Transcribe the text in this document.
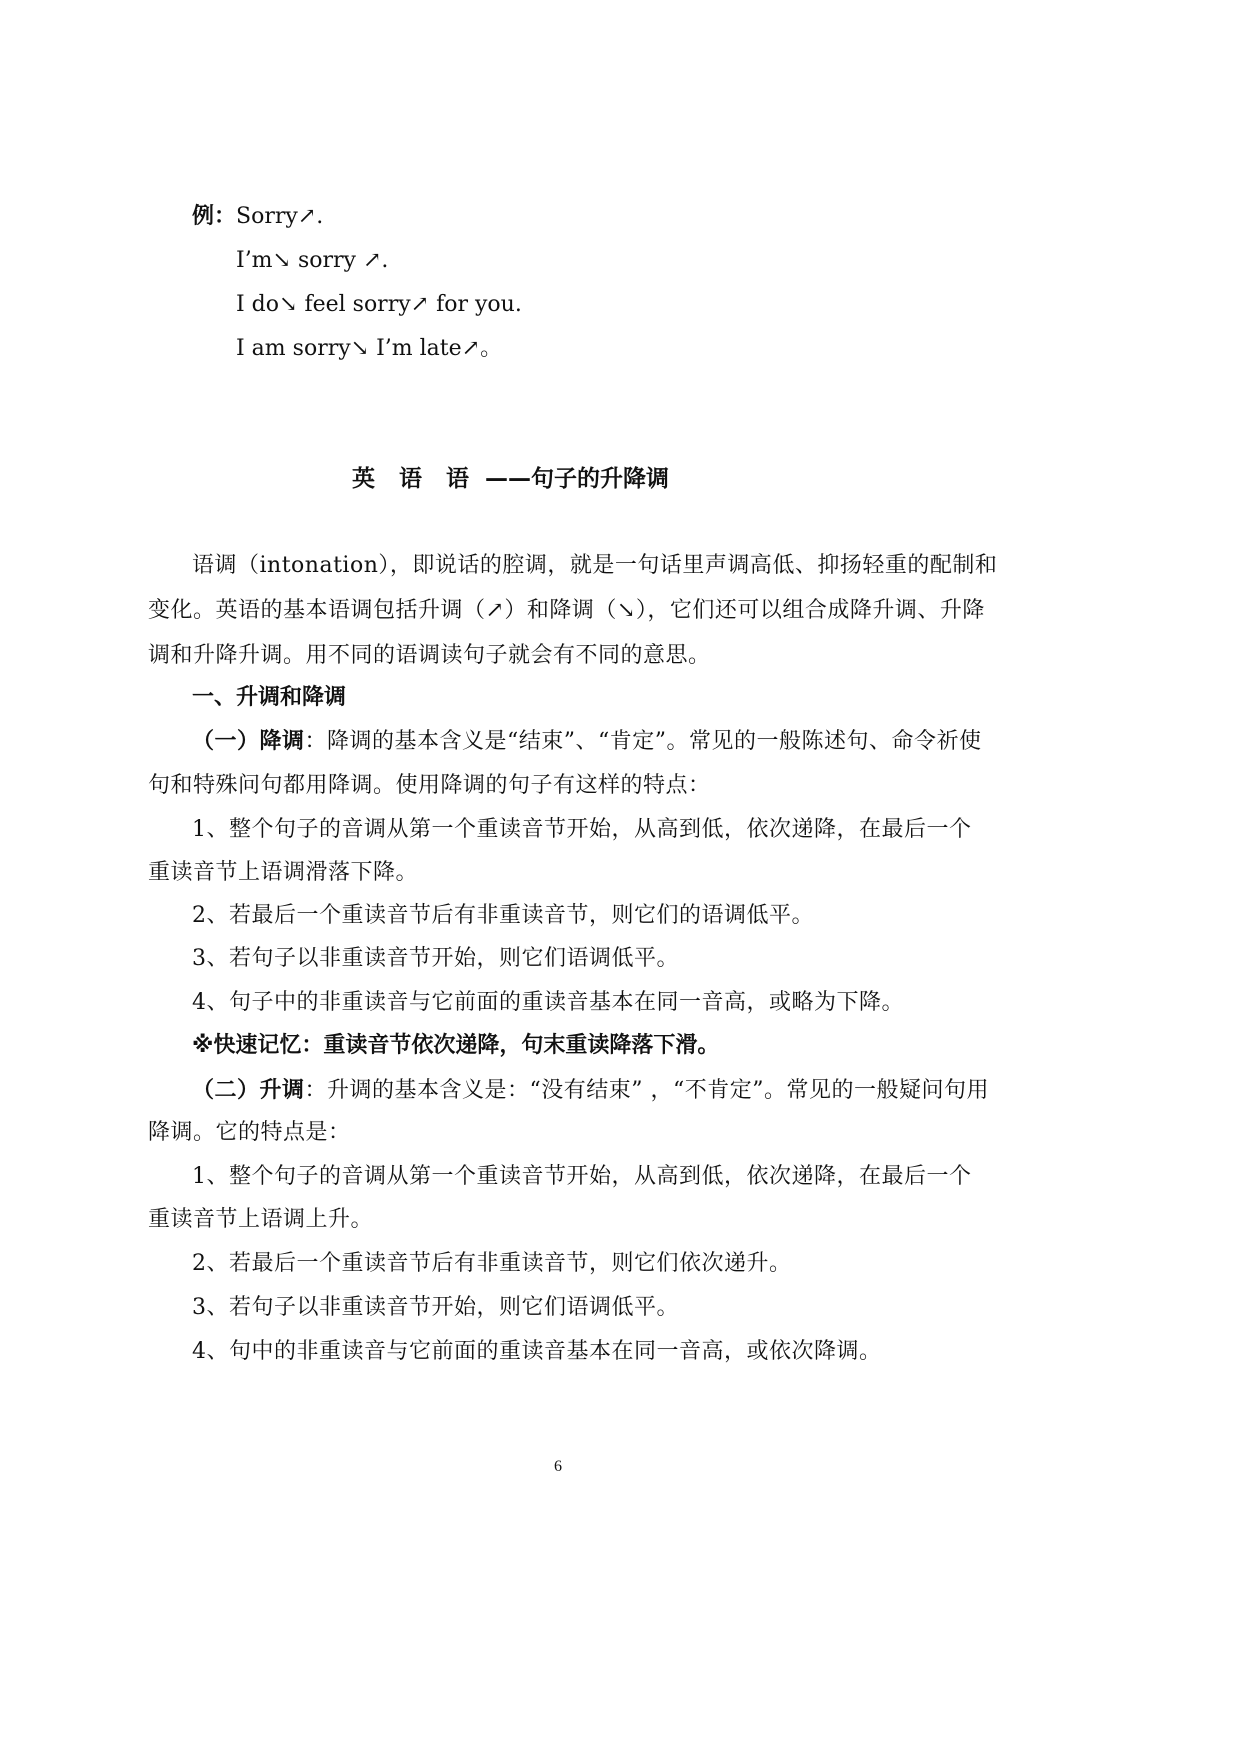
例：Sorry↗.
I’m↘ sorry ↗.
I do↘ feel sorry↗ for you.
I am sorry↘ I’m late↗。
英 语 语 ——句子的升降调
语调（intonation），即说话的腔调，就是一句话里声调高低、抑扬轻重的配制和
变化。英语的基本语调包括升调（↗）和降调（↘），它们还可以组合成降升调、升降
调和升降升调。用不同的语调读句子就会有不同的意思。
一、升调和降调
（一）降调：降调的基本含义是“结束”、“肯定”。常见的一般陈述句、命令祈使
句和特殊问句都用降调。使用降调的句子有这样的特点：
1、整个句子的音调从第一个重读音节开始，从高到低，依次递降，在最后一个
重读音节上语调滑落下降。
2、若最后一个重读音节后有非重读音节，则它们的语调低平。
3、若句子以非重读音节开始，则它们语调低平。
4、句子中的非重读音与它前面的重读音基本在同一音高，或略为下降。
※快速记忆：重读音节依次递降，句末重读降落下滑。
（二）升调：升调的基本含义是：“没有结束” ，“不肯定”。常见的一般疑问句用
降调。它的特点是：
1、整个句子的音调从第一个重读音节开始，从高到低，依次递降，在最后一个
重读音节上语调上升。
2、若最后一个重读音节后有非重读音节，则它们依次递升。
3、若句子以非重读音节开始，则它们语调低平。
4、句中的非重读音与它前面的重读音基本在同一音高，或依次降调。
6
